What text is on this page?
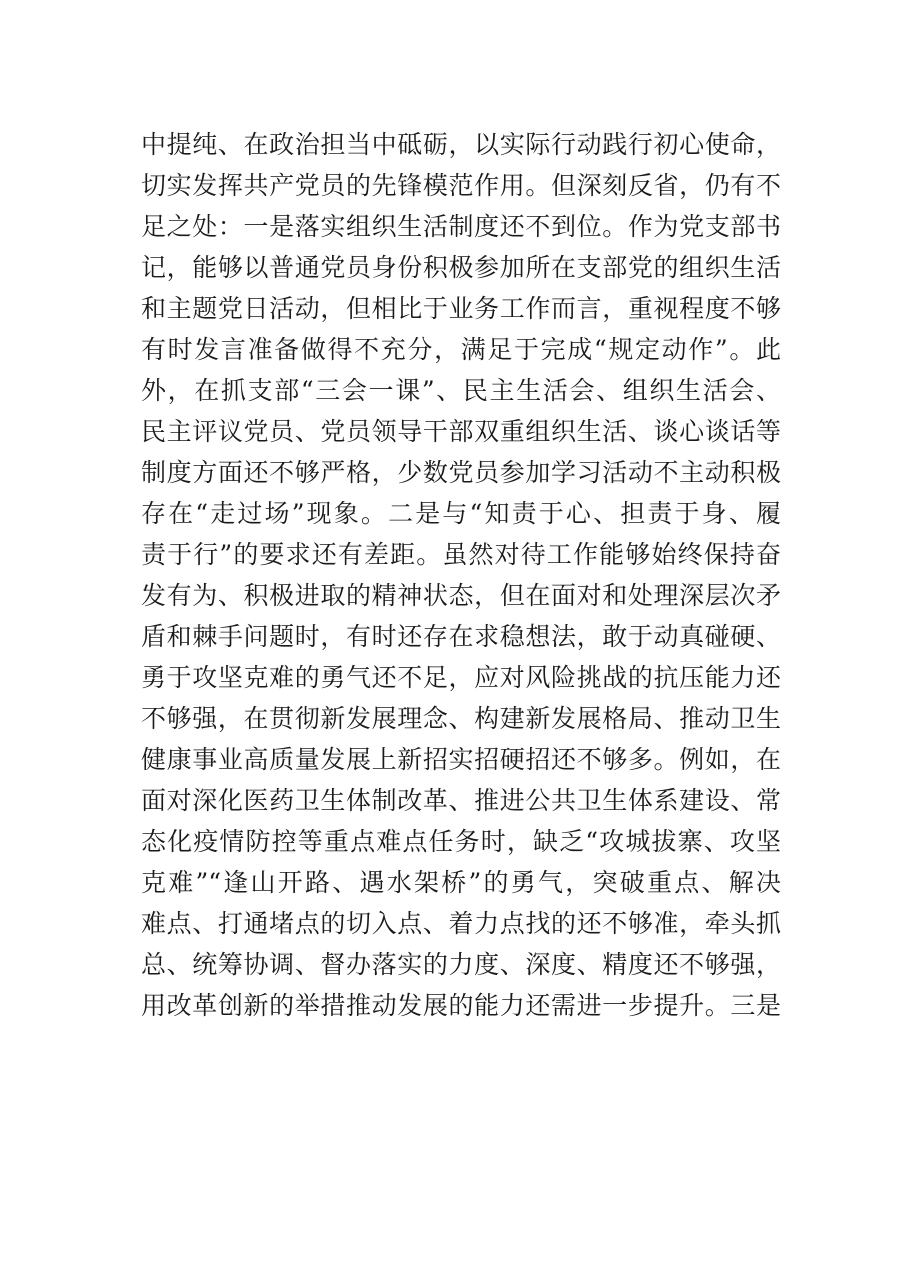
中提纯、在政治担当中砥砺，以实际行动践行初心使命，
切实发挥共产党员的先锋模范作用。但深刻反省，仍有不
足之处：一是落实组织生活制度还不到位。作为党支部书
记，能够以普通党员身份积极参加所在支部党的组织生活
和主题党日活动，但相比于业务工作而言，重视程度不够
有时发言准备做得不充分，满足于完成“规定动作”。此
外，在抓支部“三会一课”、民主生活会、组织生活会、
民主评议党员、党员领导干部双重组织生活、谈心谈话等
制度方面还不够严格，少数党员参加学习活动不主动积极
存在“走过场”现象。二是与“知责于心、担责于身、履
责于行”的要求还有差距。虽然对待工作能够始终保持奋
发有为、积极进取的精神状态，但在面对和处理深层次矛
盾和棘手问题时，有时还存在求稳想法，敢于动真碰硬、
勇于攻坚克难的勇气还不足，应对风险挑战的抗压能力还
不够强，在贯彻新发展理念、构建新发展格局、推动卫生
健康事业高质量发展上新招实招硬招还不够多。例如，在
面对深化医药卫生体制改革、推进公共卫生体系建设、常
态化疫情防控等重点难点任务时，缺乏“攻城拔寨、攻坚
克难”“逢山开路、遇水架桥”的勇气，突破重点、解决
难点、打通堵点的切入点、着力点找的还不够准，牵头抓
总、统筹协调、督办落实的力度、深度、精度还不够强，
用改革创新的举措推动发展的能力还需进一步提升。三是
